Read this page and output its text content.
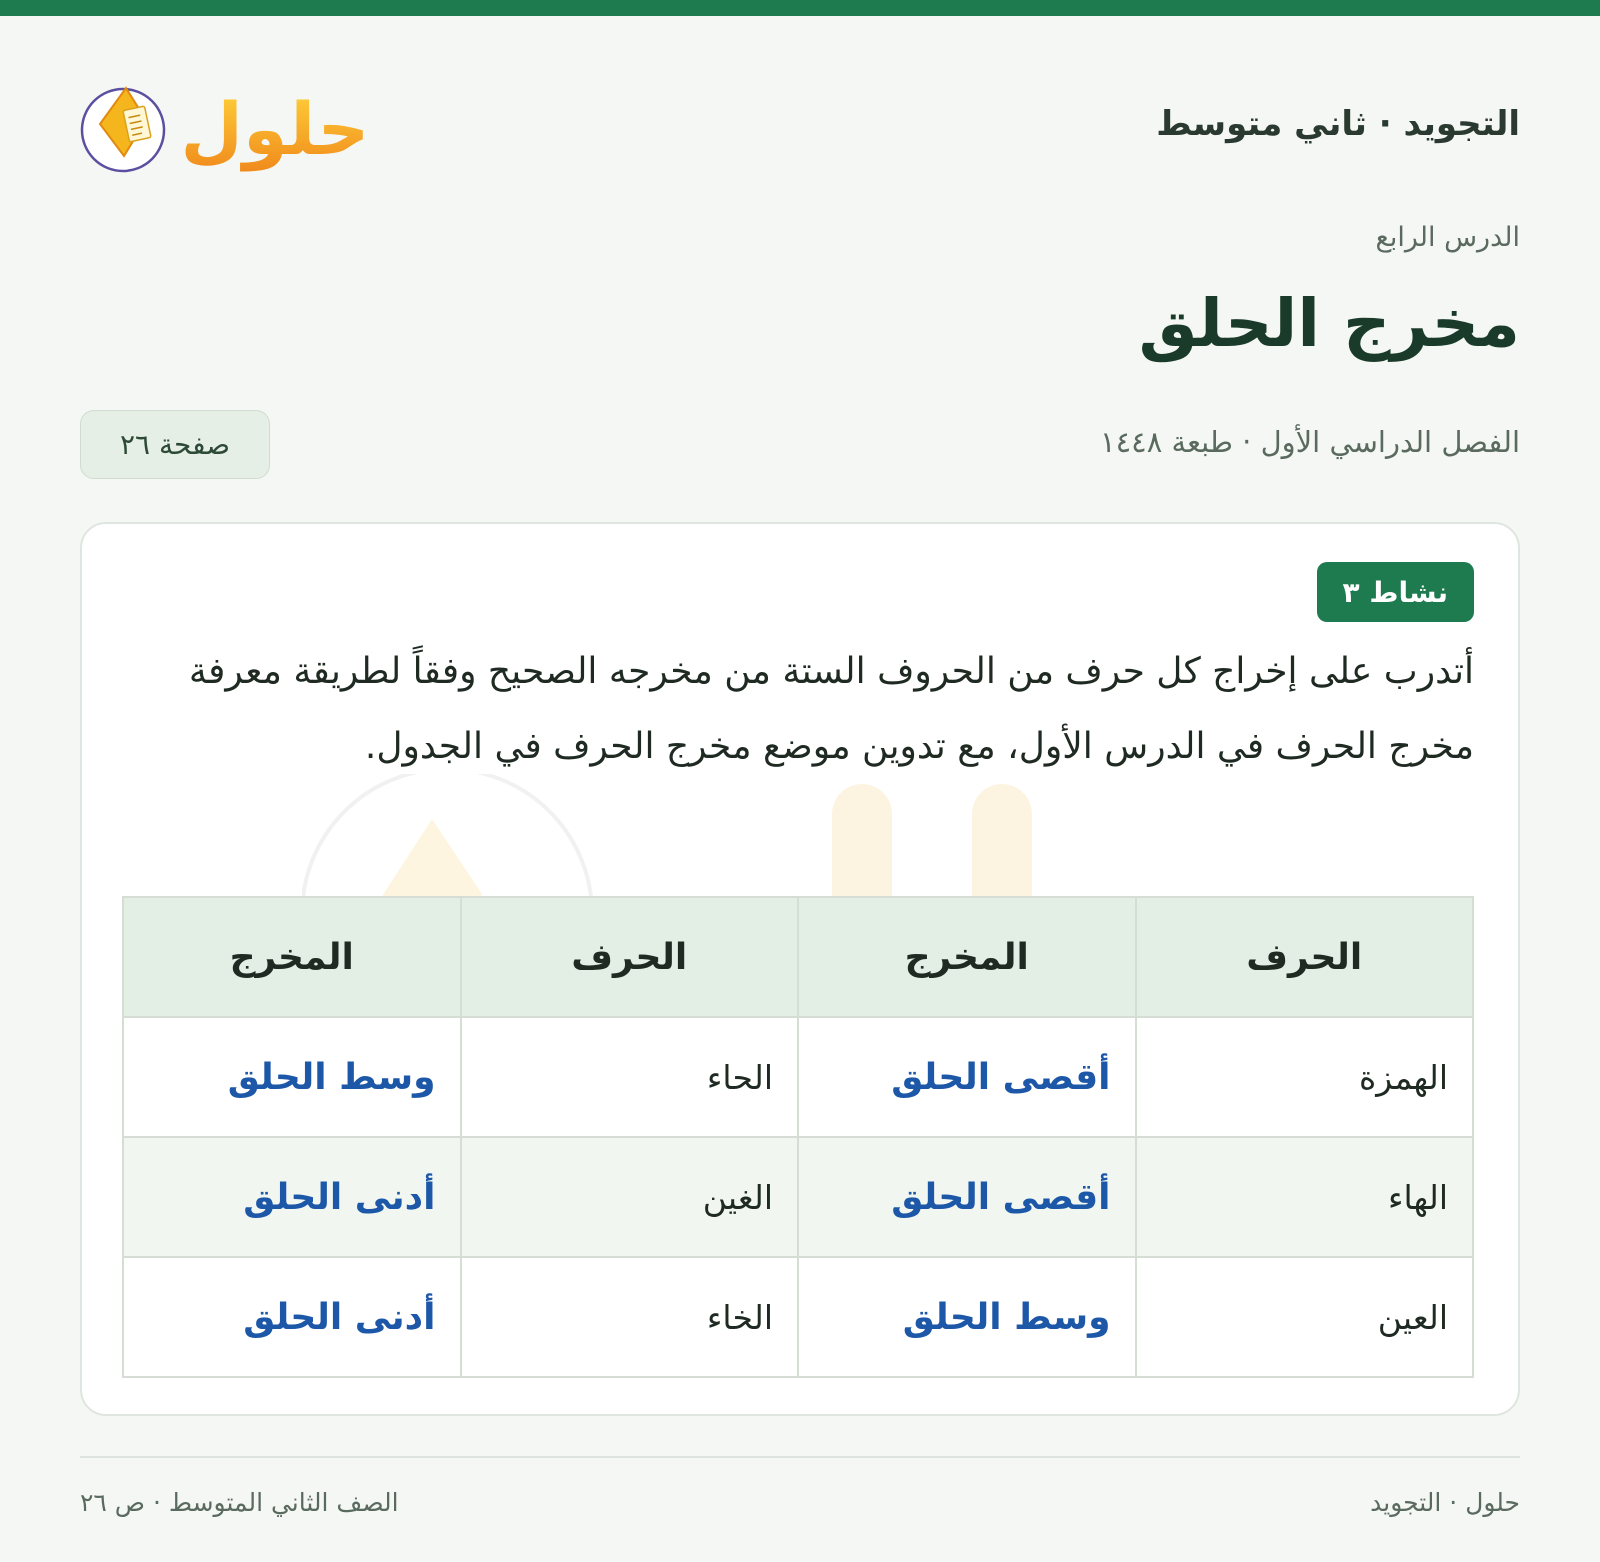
التجويد · ثاني متوسط
حلول
الدرس الرابع
مخرج الحلق
الفصل الدراسي الأول · طبعة ١٤٤٨
صفحة ٢٦
نشاط ٣
أتدرب على إخراج كل حرف من الحروف الستة من مخرجه الصحيح وفقاً لطريقة معرفة مخرج الحرف في الدرس الأول، مع تدوين موضع مخرج الحرف في الجدول.
الحرف	المخرج	الحرف	المخرج
الهمزة	أقصى الحلق	الحاء	وسط الحلق
الهاء	أقصى الحلق	الغين	أدنى الحلق
العين	وسط الحلق	الخاء	أدنى الحلق
حلول · التجويد
الصف الثاني المتوسط · ص ٢٦
